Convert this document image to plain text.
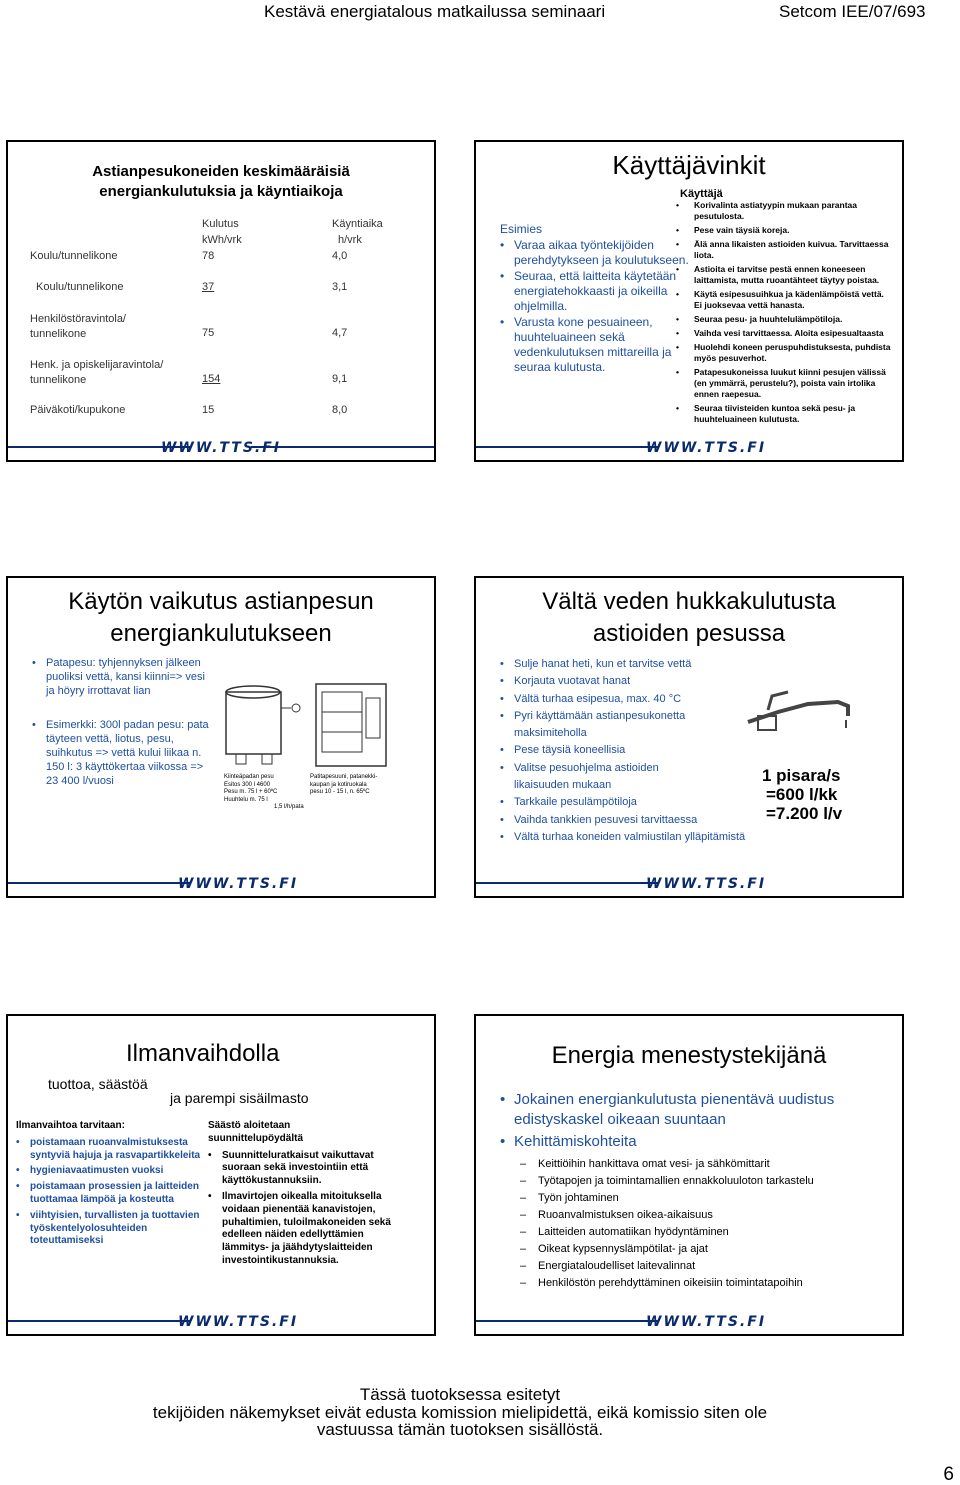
Kestävä energiatalous matkailussa seminaari	Setcom IEE/07/693
Astianpesukoneiden keskimääräisiä energiankulutuksia ja käyntiaikoja
Kulutus
kWh/vrk
Käyntiaika
h/vrk
Koulu/tunnelikone	78	4,0
Koulu/tunnelikone	37	3,1
Henkilöstöravintola/ tunnelikone	75	4,7
Henk. ja opiskelijaravintola/ tunnelikone	154	9,1
Päiväkoti/kupukone	15	8,0
WWW.TTS.FI
Käyttäjävinkit
Esimies
• Varaa aikaa työntekijöiden perehdytykseen ja koulutukseen.
• Seuraa, että laitteita käytetään energiatehokkaasti ja oikeilla ohjelmilla.
• Varusta kone pesuaineen, huuhteluaineen sekä vedenkulutuksen mittareilla ja seuraa kulutusta.
Käyttäjä
• Korivalinta astiatyypin mukaan parantaa pesutulosta.
• Pese vain täysiä koreja.
• Älä anna likaisten astioiden kuivua. Tarvittaessa liota.
• Astioita ei tarvitse pestä ennen koneeseen laittamista, mutta ruoantähteet täytyy poistaa.
• Käytä esipesusuihkua ja kädenlämpöistä vettä. Ei juoksevaa vettä hanasta.
• Seuraa pesu- ja huuhtelulämpötiloja.
• Vaihda vesi tarvittaessa. Aloita esipesualtaasta
• Huolehdi koneen peruspuhdistuksesta, puhdista myös pesuverhot.
• Patapesukoneissa luukut kiinni pesujen välissä (en ymmärrä, perustelu?), poista vain irtolika ennen raepesua.
• Seuraa tiivisteiden kuntoa sekä pesu- ja huuhteluaineen kulutusta.
WWW.TTS.FI
Käytön vaikutus astianpesun energiankulutukseen
• Patapesu: tyhjennyksen jälkeen puoliksi vettä, kansi kiinni=> vesi ja höyry irrottavat lian
• Esimerkki: 300l padan pesu: pata täyteen vettä, liotus, pesu, suihkutus => vettä kului liikaa n. 150 l: 3 käyttökertaa viikossa => 23 400 l/vuosi	Kiinteäpadan pesu
Esitos 300 l 4600
Pesu m. 75 l + 60ºC
Huuhtelu m. 75 l
1,5 l/h/pata
Patitapesuuni, patanekki- kaupan ja kotiruokala
pesu 10 - 15 l, n. 65ºC
WWW.TTS.FI
Vältä veden hukkakulutusta astioiden pesussa
• Sulje hanat heti, kun et tarvitse vettä
• Korjauta vuotavat hanat
• Vältä turhaa esipesua, max. 40 °C
• Pyri käyttämään astianpesukonetta maksimiteholla
• Pese täysiä koneellisia
• Valitse pesuohjelma astioiden likaisuuden mukaan
• Tarkkaile pesulämpötiloja
• Vaihda tankkien pesuvesi tarvittaessa
• Vältä turhaa koneiden valmiustilan ylläpitämistä
1 pisara/s
=600 l/kk
=7.200 l/v
WWW.TTS.FI
Ilmanvaihdolla
tuottoa, säästöä
ja parempi sisäilmasto
Ilmanvaihtoa tarvitaan:
• poistamaan ruoanvalmistuksesta syntyviä hajuja ja rasvapartikkeleita
• hygieniavaatimusten vuoksi
• poistamaan prosessien ja laitteiden tuottamaa lämpöä ja kosteutta
• viihtyisien, turvallisten ja tuottavien työskentelyolosuhteiden toteuttamiseksi
Säästö aloitetaan suunnittelupöydältä
• Suunnitteluratkaisut vaikuttavat suoraan sekä investointiin että käyttökustannuksiin.
• Ilmavirtojen oikealla mitoituksella voidaan pienentää kanavistojen, puhaltimien, tuloilmakoneiden sekä edelleen näiden edellyttämien lämmitys- ja jäähdytyslaitteiden investointikustannuksia.
WWW.TTS.FI
Energia menestystekijänä
• Jokainen energiankulutusta pienentävä uudistus edistyskaskel oikeaan suuntaan
• Kehittämiskohteita
– Keittiöihin hankittava omat vesi- ja sähkömittarit
– Työtapojen ja toimintamallien ennakkoluuloton tarkastelu
– Työn johtaminen
– Ruoanvalmistuksen oikea-aikaisuus
– Laitteiden automatiikan hyödyntäminen
– Oikeat kypsennyslämpötilat- ja ajat
– Energiataloudelliset laitevalinnat
– Henkilöstön perehdyttäminen oikeisiin toimintatapoihin
WWW.TTS.FI
Tässä tuotoksessa esitetyt
tekijöiden näkemykset eivät edusta komission mielipidettä, eikä komissio siten ole
vastuussa tämän tuotoksen sisällöstä.
6
